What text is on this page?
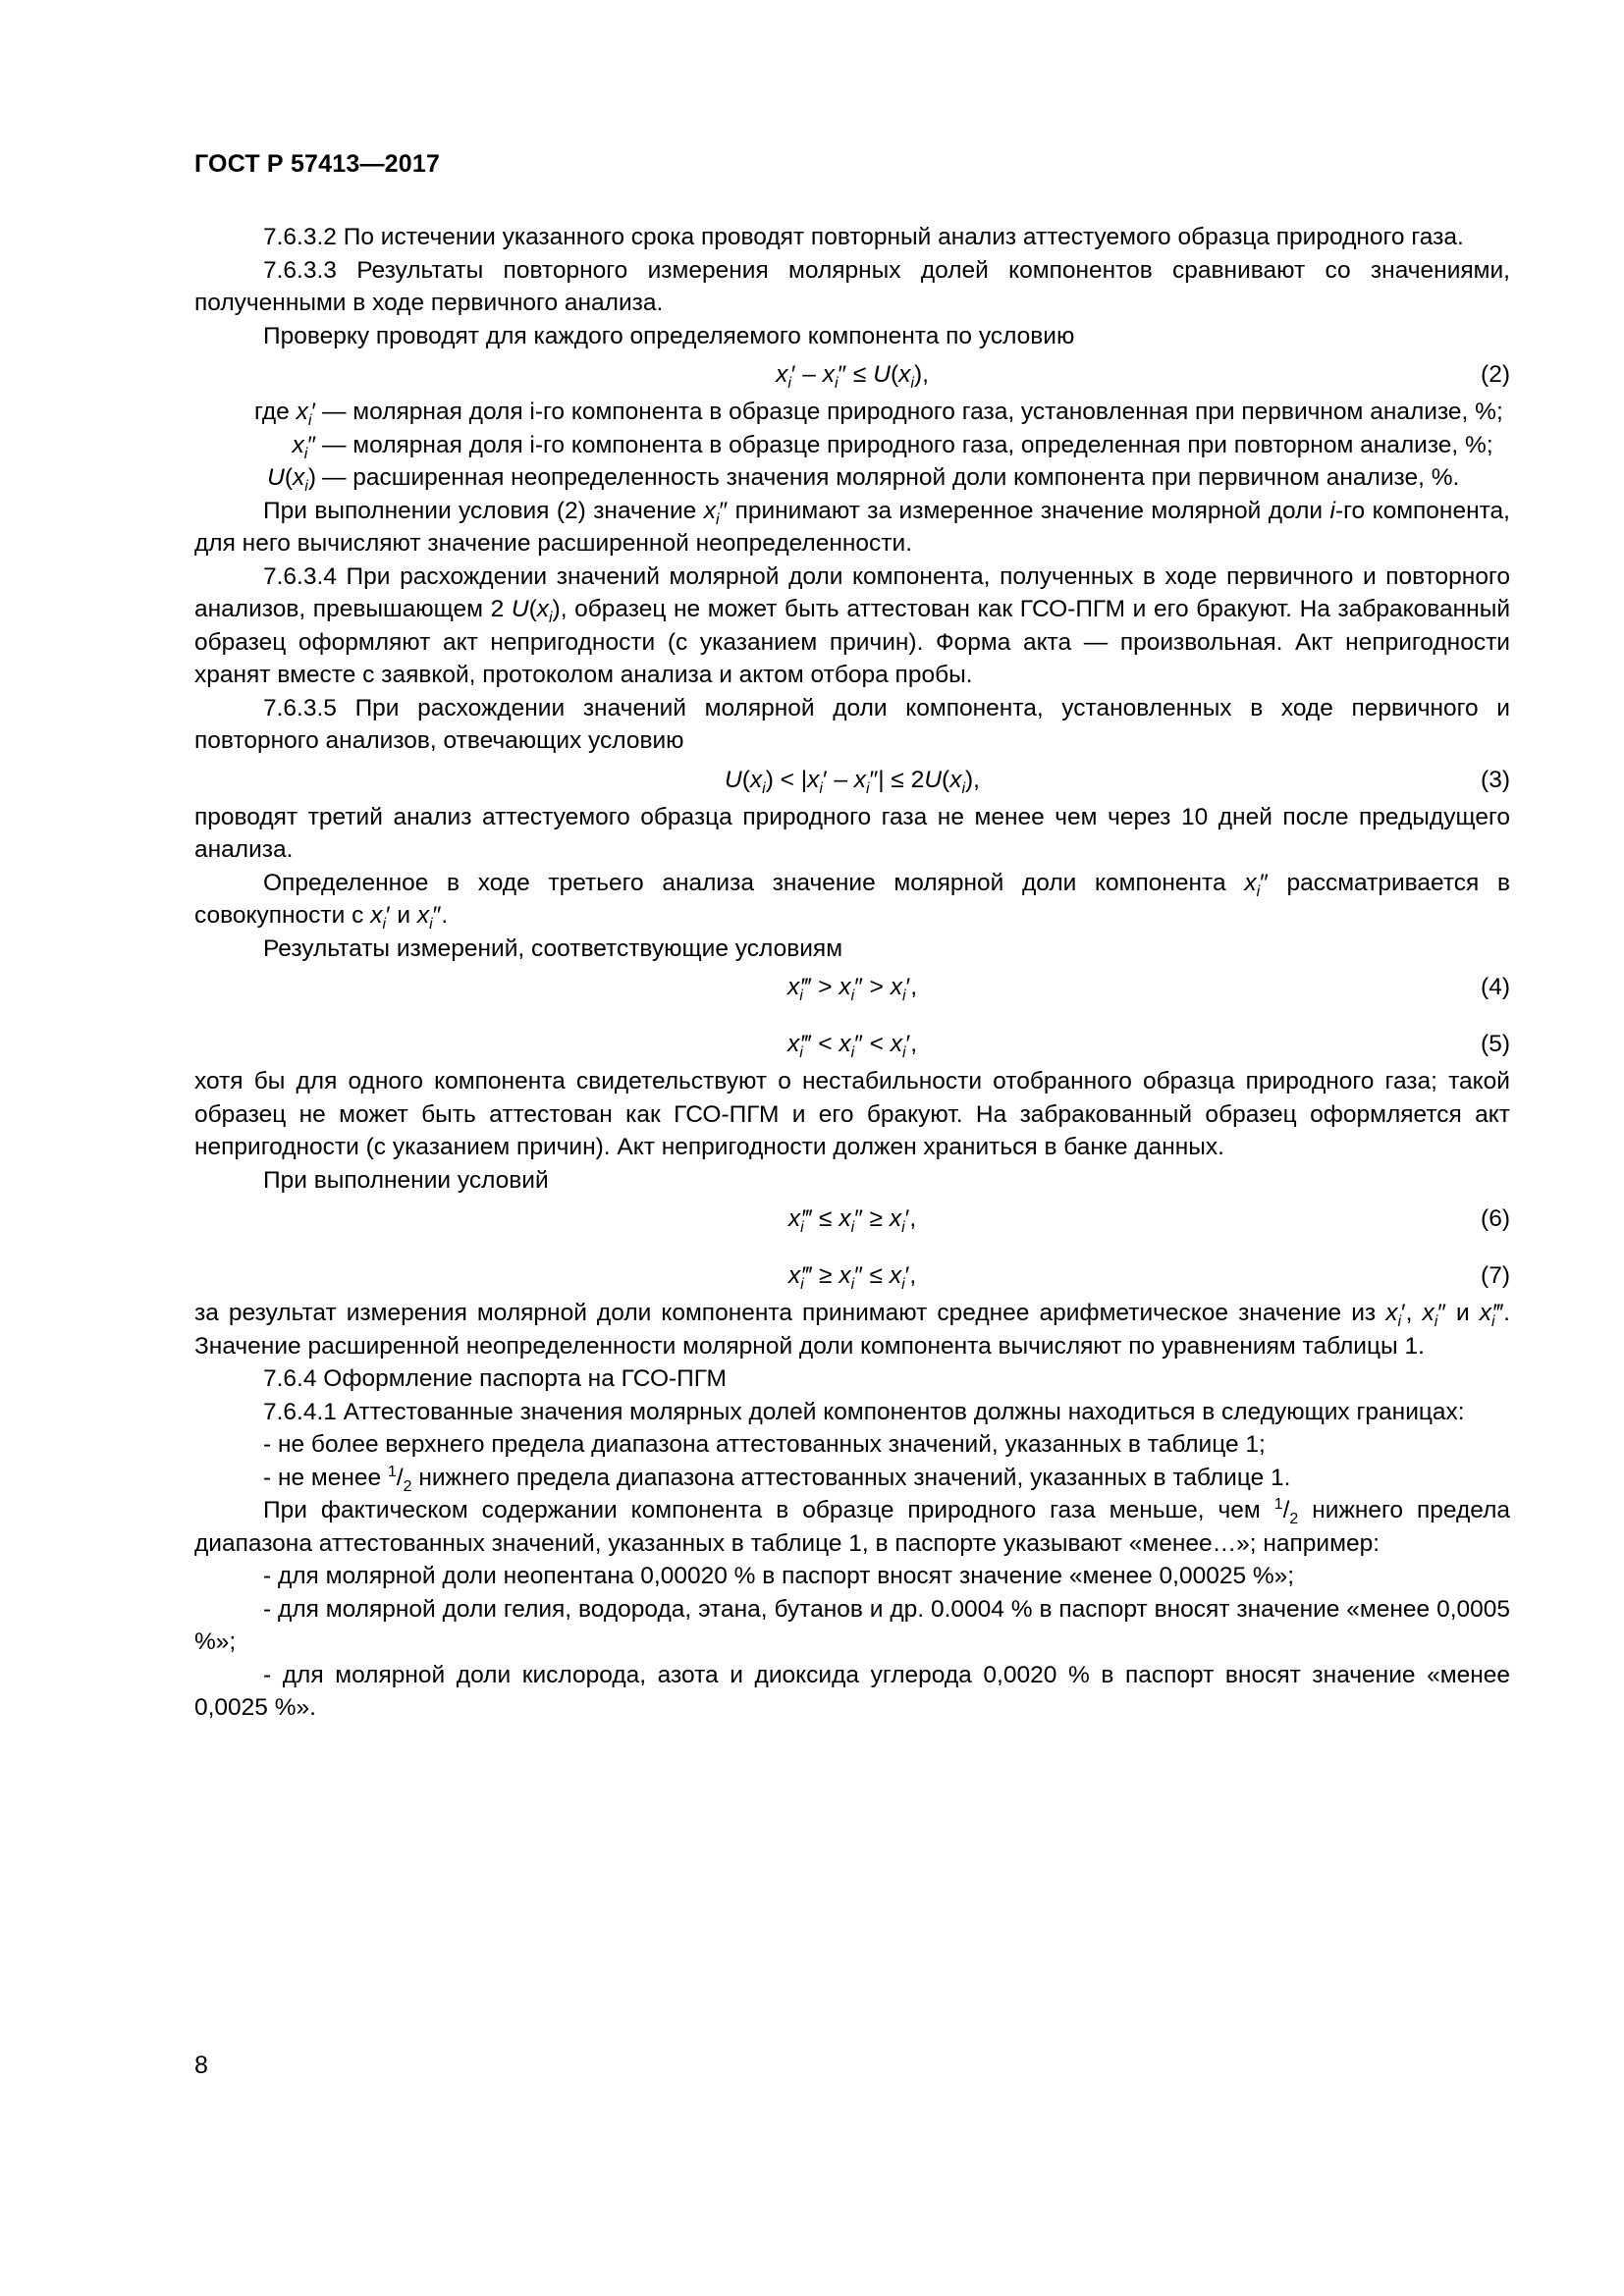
ГОСТ Р 57413—2017

7.6.3.2 По истечении указанного срока проводят повторный анализ аттестуемого образца природного газа.

7.6.3.3 Результаты повторного измерения молярных долей компонентов сравнивают со значениями, полученными в ходе первичного анализа.

Проверку проводят для каждого определяемого компонента по условию

$x_i' - x_i'' \le U(x_i)$,	(2)
где $x_i'$ — молярная доля i-го компонента в образце природного газа, установленная при первичном анализе, %;
$x_i''$ — молярная доля i-го компонента в образце природного газа, определенная при повторном анализе, %;
$U(x_i)$ — расширенная неопределенность значения молярной доли компонента при первичном анализе, %.

При выполнении условия (2) значение $x_i''$ принимают за измеренное значение молярной доли i-го компонента, для него вычисляют значение расширенной неопределенности.

7.6.3.4 При расхождении значений молярной доли компонента, полученных в ходе первичного и повторного анализов, превышающем 2 $U(x_i)$, образец не может быть аттестован как ГСО-ПГМ и его бракуют. На забракованный образец оформляют акт непригодности (с указанием причин). Форма акта — произвольная. Акт непригодности хранят вместе с заявкой, протоколом анализа и актом отбора пробы.

7.6.3.5 При расхождении значений молярной доли компонента, установленных в ходе первичного и повторного анализов, отвечающих условию

$U(x_i) < |x_i' - x_i''| \le 2U(x_i)$,	(3)

проводят третий анализ аттестуемого образца природного газа не менее чем через 10 дней после предыдущего анализа.

Определенное в ходе третьего анализа значение молярной доли компонента $x_i''$ рассматривается в совокупности с $x_i'$ и $x_i''$.

Результаты измерений, соответствующие условиям

$x_i‴ > x_i'' > x_i'$,	(4)
$x_i‴ < x_i'' < x_i'$,	(5)

хотя бы для одного компонента свидетельствуют о нестабильности отобранного образца природного газа; такой образец не может быть аттестован как ГСО-ПГМ и его бракуют. На забракованный образец оформляется акт непригодности (с указанием причин). Акт непригодности должен храниться в банке данных.

При выполнении условий

$x_i‴ \le x_i'' \ge x_i'$,	(6)
$x_i‴ \ge x_i'' \le x_i'$,	(7)

за результат измерения молярной доли компонента принимают среднее арифметическое значение из $x_i'$, $x_i''$ и $x_i‴$. Значение расширенной неопределенности молярной доли компонента вычисляют по уравнениям таблицы 1.

7.6.4 Оформление паспорта на ГСО-ПГМ

7.6.4.1 Аттестованные значения молярных долей компонентов должны находиться в следующих границах:

- не более верхнего предела диапазона аттестованных значений, указанных в таблице 1;

- не менее $^1/_2$ нижнего предела диапазона аттестованных значений, указанных в таблице 1.

При фактическом содержании компонента в образце природного газа меньше, чем $^1/_2$ нижнего предела диапазона аттестованных значений, указанных в таблице 1, в паспорте указывают «менее…»; например:

- для молярной доли неопентана 0,00020 % в паспорт вносят значение «менее 0,00025 %»;

- для молярной доли гелия, водорода, этана, бутанов и др. 0.0004 % в паспорт вносят значение «менее 0,0005 %»;

- для молярной доли кислорода, азота и диоксида углерода 0,0020 % в паспорт вносят значение «менее 0,0025 %».

8
